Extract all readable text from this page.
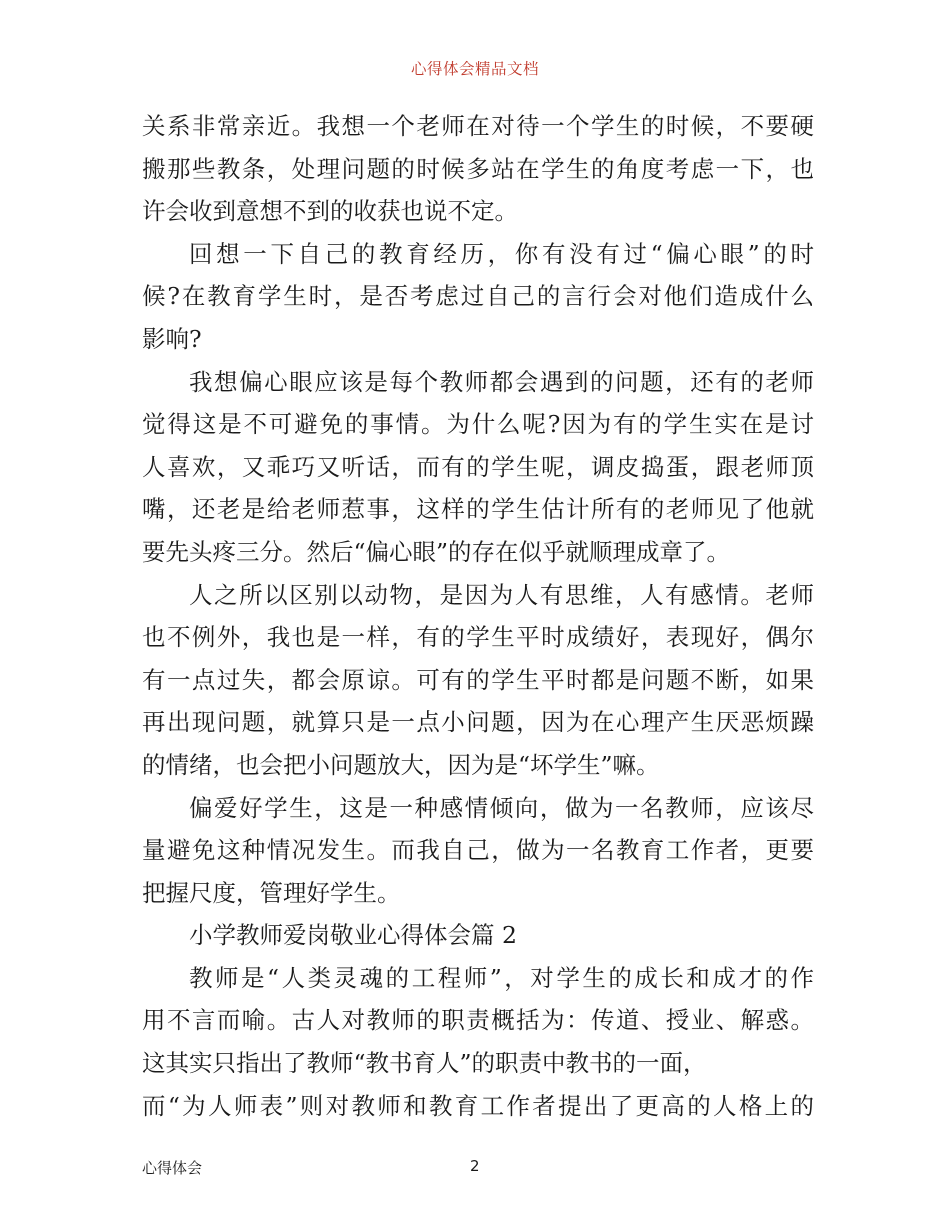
心得体会精品文档
关系非常亲近。我想一个老师在对待一个学生的时候，不要硬
搬那些教条，处理问题的时候多站在学生的角度考虑一下，也
许会收到意想不到的收获也说不定。
回想一下自己的教育经历，你有没有过“偏心眼”的时
候?在教育学生时，是否考虑过自己的言行会对他们造成什么
影响?
我想偏心眼应该是每个教师都会遇到的问题，还有的老师
觉得这是不可避免的事情。为什么呢?因为有的学生实在是讨
人喜欢，又乖巧又听话，而有的学生呢，调皮捣蛋，跟老师顶
嘴，还老是给老师惹事，这样的学生估计所有的老师见了他就
要先头疼三分。然后“偏心眼”的存在似乎就顺理成章了。
人之所以区别以动物，是因为人有思维，人有感情。老师
也不例外，我也是一样，有的学生平时成绩好，表现好，偶尔
有一点过失，都会原谅。可有的学生平时都是问题不断，如果
再出现问题，就算只是一点小问题，因为在心理产生厌恶烦躁
的情绪，也会把小问题放大，因为是“坏学生”嘛。
偏爱好学生，这是一种感情倾向，做为一名教师，应该尽
量避免这种情况发生。而我自己，做为一名教育工作者，更要
把握尺度，管理好学生。
小学教师爱岗敬业心得体会篇 2
教师是“人类灵魂的工程师”，对学生的成长和成才的作
用不言而喻。古人对教师的职责概括为：传道、授业、解惑。
这其实只指出了教师“教书育人”的职责中教书的一面，
而“为人师表”则对教师和教育工作者提出了更高的人格上的
心得体会	2
